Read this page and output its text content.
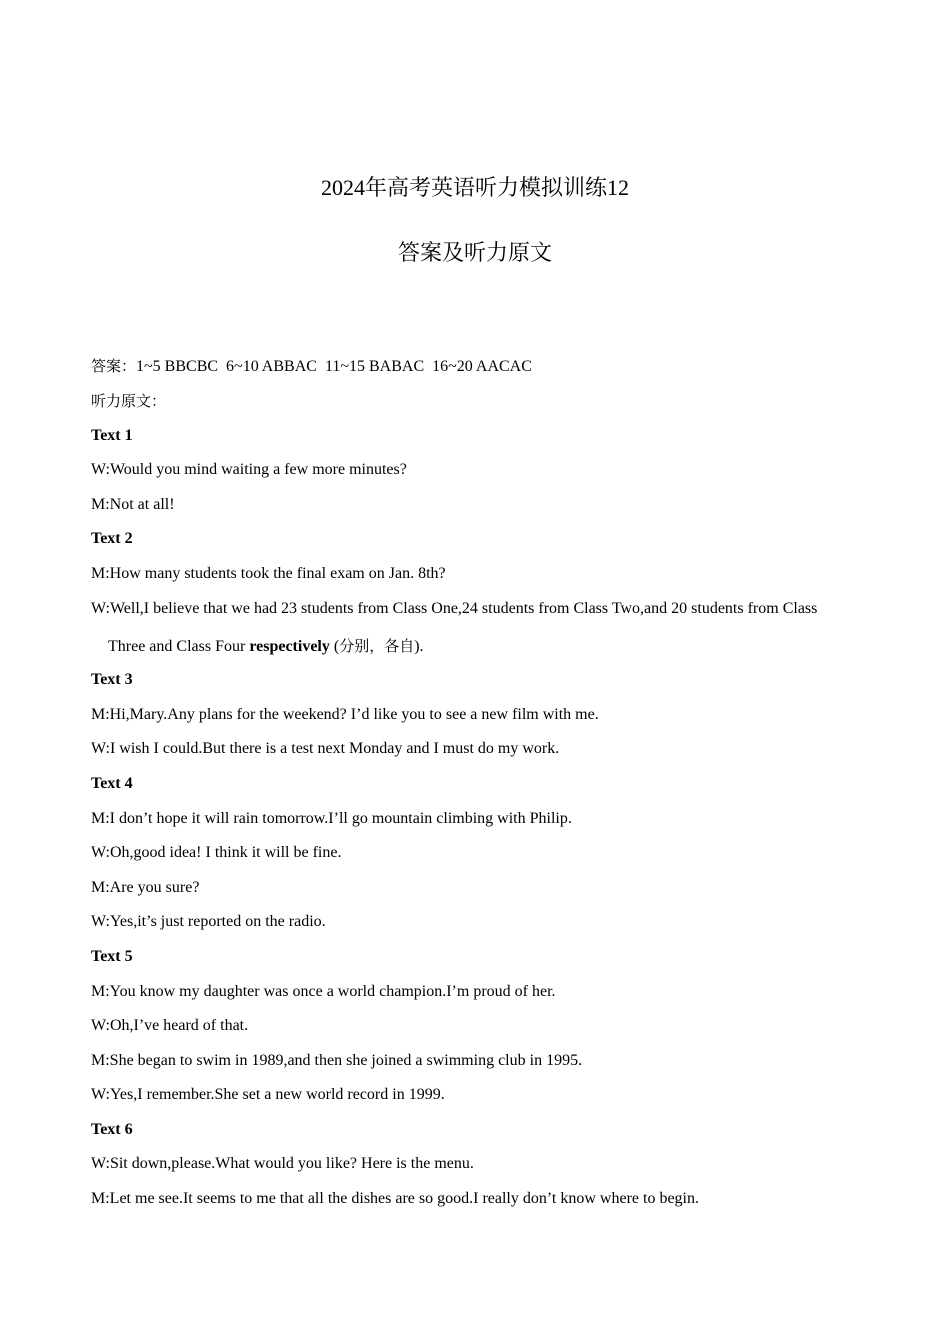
2024年高考英语听力模拟训练12
答案及听力原文
答案：1~5 BBCBC 6~10 ABBAC 11~15 BABAC 16~20 AACAC
听力原文：
Text 1
W:Would you mind waiting a few more minutes?
M:Not at all!
Text 2
M:How many students took the final exam on Jan. 8th?
W:Well,I believe that we had 23 students from Class One,24 students from Class Two,and 20 students from Class
Three and Class Four respectively (分别，各自).
Text 3
M:Hi,Mary.Any plans for the weekend? I’d like you to see a new film with me.
W:I wish I could.But there is a test next Monday and I must do my work.
Text 4
M:I don’t hope it will rain tomorrow.I’ll go mountain climbing with Philip.
W:Oh,good idea! I think it will be fine.
M:Are you sure?
W:Yes,it’s just reported on the radio.
Text 5
M:You know my daughter was once a world champion.I’m proud of her.
W:Oh,I’ve heard of that.
M:She began to swim in 1989,and then she joined a swimming club in 1995.
W:Yes,I remember.She set a new world record in 1999.
Text 6
W:Sit down,please.What would you like? Here is the menu.
M:Let me see.It seems to me that all the dishes are so good.I really don’t know where to begin.
